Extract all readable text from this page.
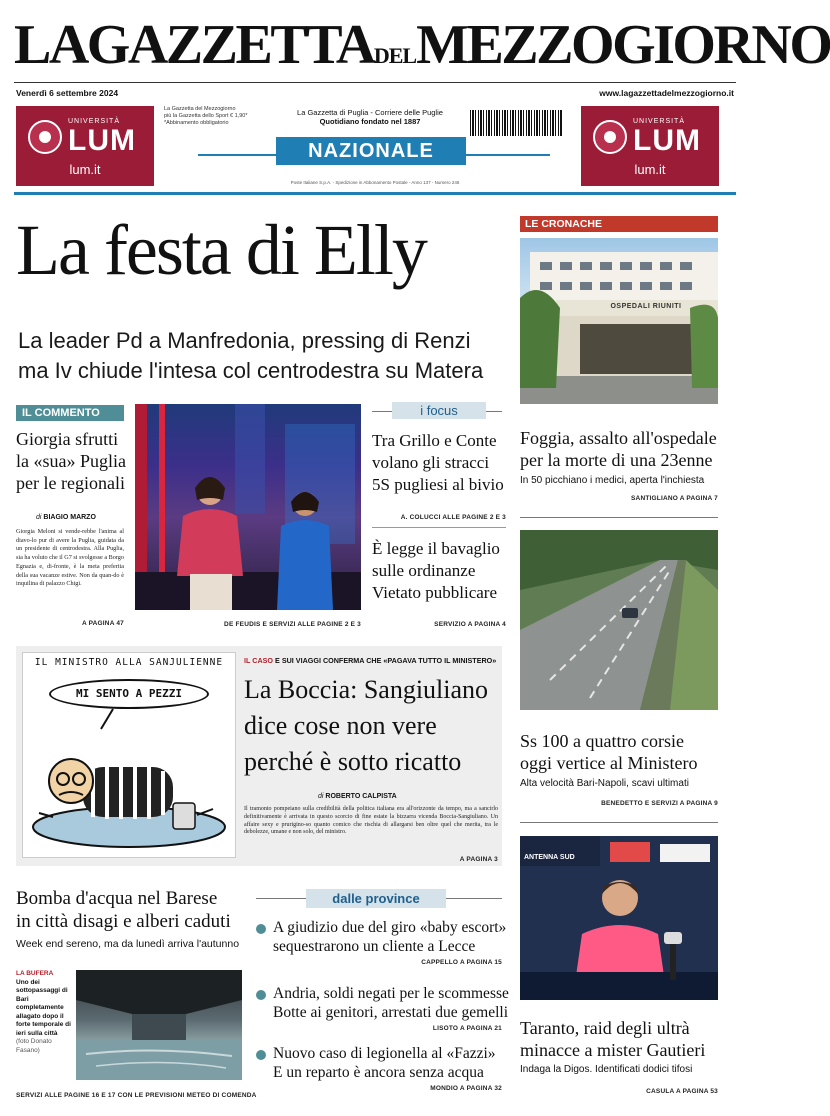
LAGAZZETTADELMEZZOGIORNO
Venerdì 6 settembre 2024	www.lagazzettadelmezzogiorno.it
UNIVERSITÀ
LUM
lum.it
La Gazzetta del Mezzogiorno
più la Gazzetta dello Sport € 1,90*
*Abbinamento obbligatorio
La Gazzetta di Puglia - Corriere delle Puglie
Quotidiano fondato nel 1887
NAZIONALE
Poste Italiane S.p.A. - Spedizione in Abbonamento Postale - Anno 137 - Numero 246
UNIVERSITÀ
LUM
lum.it
La festa di Elly
La leader Pd a Manfredonia, pressing di Renzi
ma Iv chiude l'intesa col centrodestra su Matera
IL COMMENTO
Giorgia sfrutti
la «sua» Puglia
per le regionali
di BIAGIO MARZO
Giorgia Meloni si vende-rebbe l'anima al diavo-lo pur di avere la Puglia, guidata da un presidente di centrodestra. Alla Puglia, sia ha voluto che il G7 si svolgesse a Borgo Egnazia e, di-fronte, è la meta preferita della sua vacanze estive. Non da quan-do è inquilina di palazzo Chigi.
A PAGINA 47	DE FEUDIS E SERVIZI ALLE PAGINE 2 E 3
i focus
Tra Grillo e Conte
volano gli stracci
5S pugliesi al bivio
A. COLUCCI ALLE PAGINE 2 E 3
È legge il bavaglio
sulle ordinanze
Vietato pubblicare
SERVIZIO A PAGINA 4
IL MINISTRO ALLA SANJULIENNE
MI SENTO A PEZZI
IL CASO E SUI VIAGGI CONFERMA CHE «PAGAVA TUTTO IL MINISTERO»
La Boccia: Sangiuliano
dice cose non vere
perché è sotto ricatto
di ROBERTO CALPISTA
Il tramonto pompeiano sulla credibilità della politica italiana era all'orizzonte da tempo, ma a sancirlo definitivamente è arrivata in questo scorcio di fine estate la bizzarra vicenda Boccia-Sangiuliano. Un affaire sexy e prurigino-so quanto comico che rischia di allargarsi ben oltre quel che merita, tra le debolezze, umane e non solo, del ministro.
A PAGINA 3
Bomba d'acqua nel Barese
in città disagi e alberi caduti
Week end sereno, ma da lunedì arriva l'autunno
LA BUFERA
Uno dei sottopassaggi di Bari completamente allagato dopo il forte temporale di ieri sulla città
(foto Donato Fasano)
SERVIZI ALLE PAGINE 16 E 17 CON LE PREVISIONI METEO DI COMENDA
dalle province
A giudizio due del giro «baby escort»
sequestrarono un cliente a Lecce
CAPPELLO A PAGINA 15
Andria, soldi negati per le scommesse
Botte ai genitori, arrestati due gemelli
LISOTO A PAGINA 21
Nuovo caso di legionella al «Fazzi»
E un reparto è ancora senza acqua
MONDIO A PAGINA 32
LE CRONACHE
OSPEDALI RIUNITI
Foggia, assalto all'ospedale
per la morte di una 23enne
In 50 picchiano i medici, aperta l'inchiesta
SANTIGLIANO A PAGINA 7
Ss 100 a quattro corsie
oggi vertice al Ministero
Alta velocità Bari-Napoli, scavi ultimati
BENEDETTO E SERVIZI A PAGINA 9
ANTENNA SUD
Taranto, raid degli ultrà
minacce a mister Gautieri
Indaga la Digos. Identificati dodici tifosi
CASULA A PAGINA 53
